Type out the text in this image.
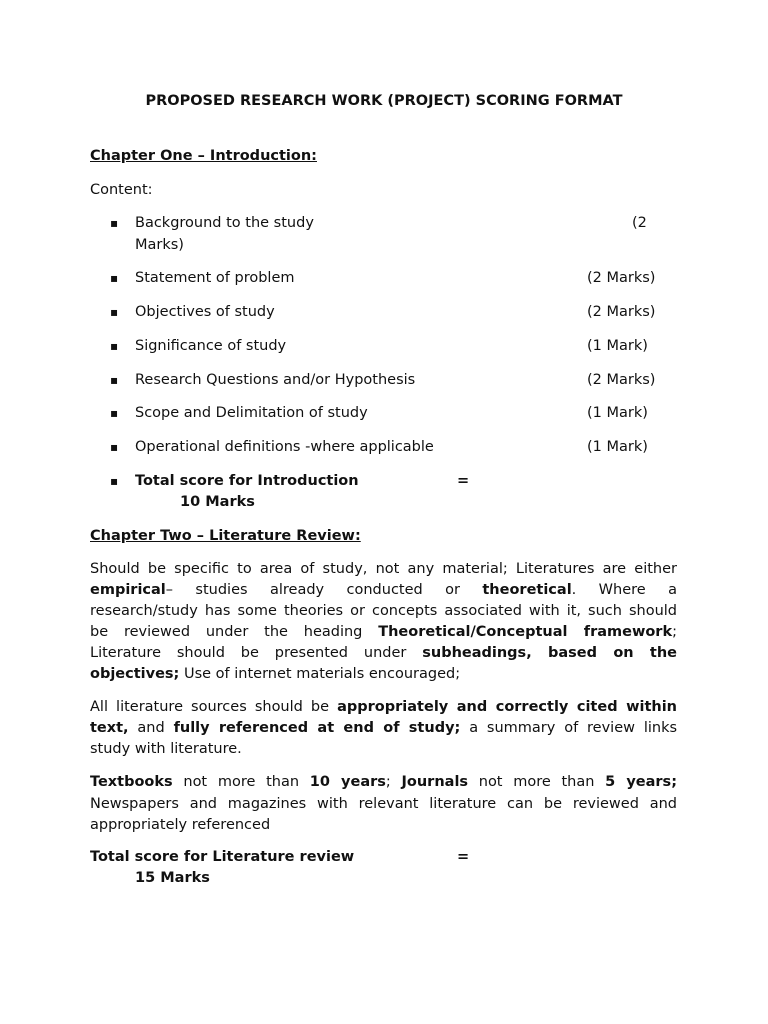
PROPOSED RESEARCH WORK (PROJECT) SCORING FORMAT
Chapter One – Introduction:
Content:
▪ Background to the study	(2
Marks)
▪ Statement of problem	(2 Marks)
▪ Objectives of study	(2 Marks)
▪ Significance of study	(1 Mark)
▪ Research Questions and/or Hypothesis	(2 Marks)
▪ Scope and Delimitation of study	(1 Mark)
▪ Operational definitions -where applicable	(1 Mark)
▪ Total score for Introduction	=
10 Marks
Chapter Two – Literature Review:
Should be specific to area of study, not any material; Literatures are either
empirical– studies already conducted or theoretical. Where a
research/study has some theories or concepts associated with it, such should
be reviewed under the heading Theoretical/Conceptual framework;
Literature should be presented under subheadings, based on the
objectives; Use of internet materials encouraged;
All literature sources should be appropriately and correctly cited within
text, and fully referenced at end of study; a summary of review links
study with literature.
Textbooks not more than 10 years; Journals not more than 5 years;
Newspapers and magazines with relevant literature can be reviewed and
appropriately referenced
Total score for Literature review	=
15 Marks
